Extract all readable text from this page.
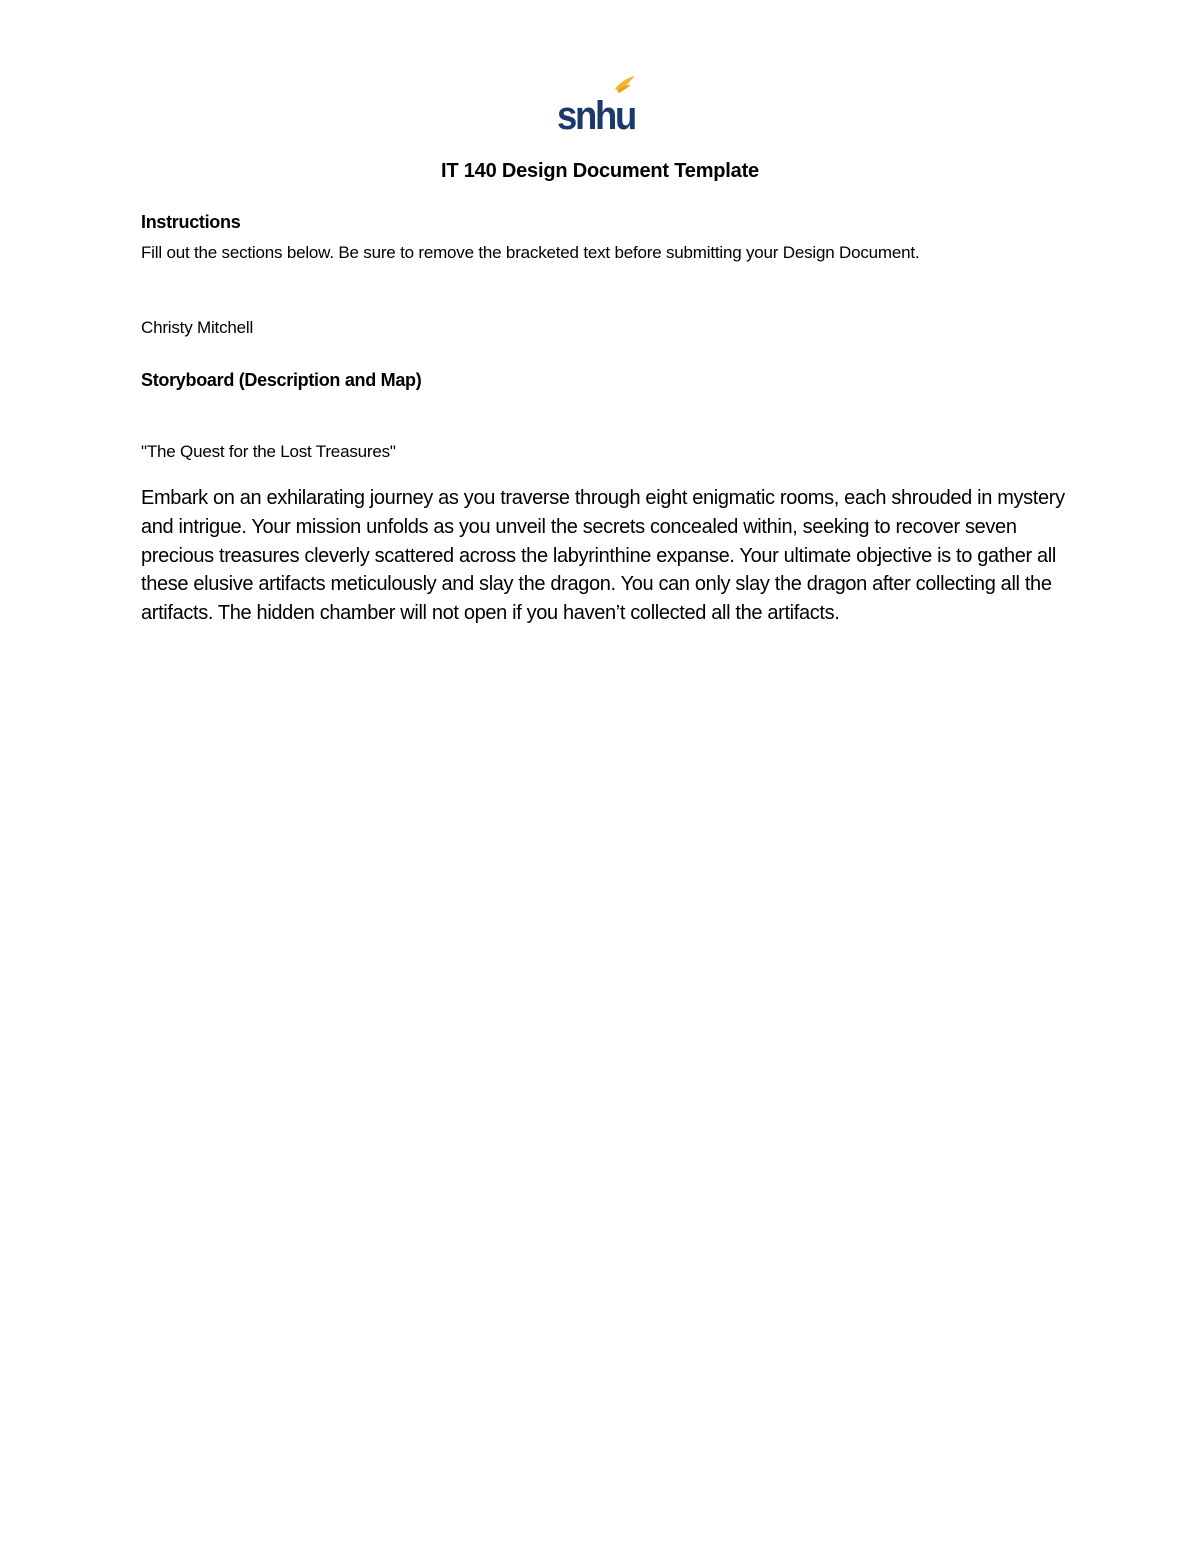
snhu
IT 140 Design Document Template
Instructions
Fill out the sections below. Be sure to remove the bracketed text before submitting your Design Document.
Christy Mitchell
Storyboard (Description and Map)
"The Quest for the Lost Treasures"
Embark on an exhilarating journey as you traverse through eight enigmatic rooms, each shrouded in mystery and intrigue. Your mission unfolds as you unveil the secrets concealed within, seeking to recover seven precious treasures cleverly scattered across the labyrinthine expanse. Your ultimate objective is to gather all these elusive artifacts meticulously and slay the dragon. You can only slay the dragon after collecting all the artifacts. The hidden chamber will not open if you haven’t collected all the artifacts.
